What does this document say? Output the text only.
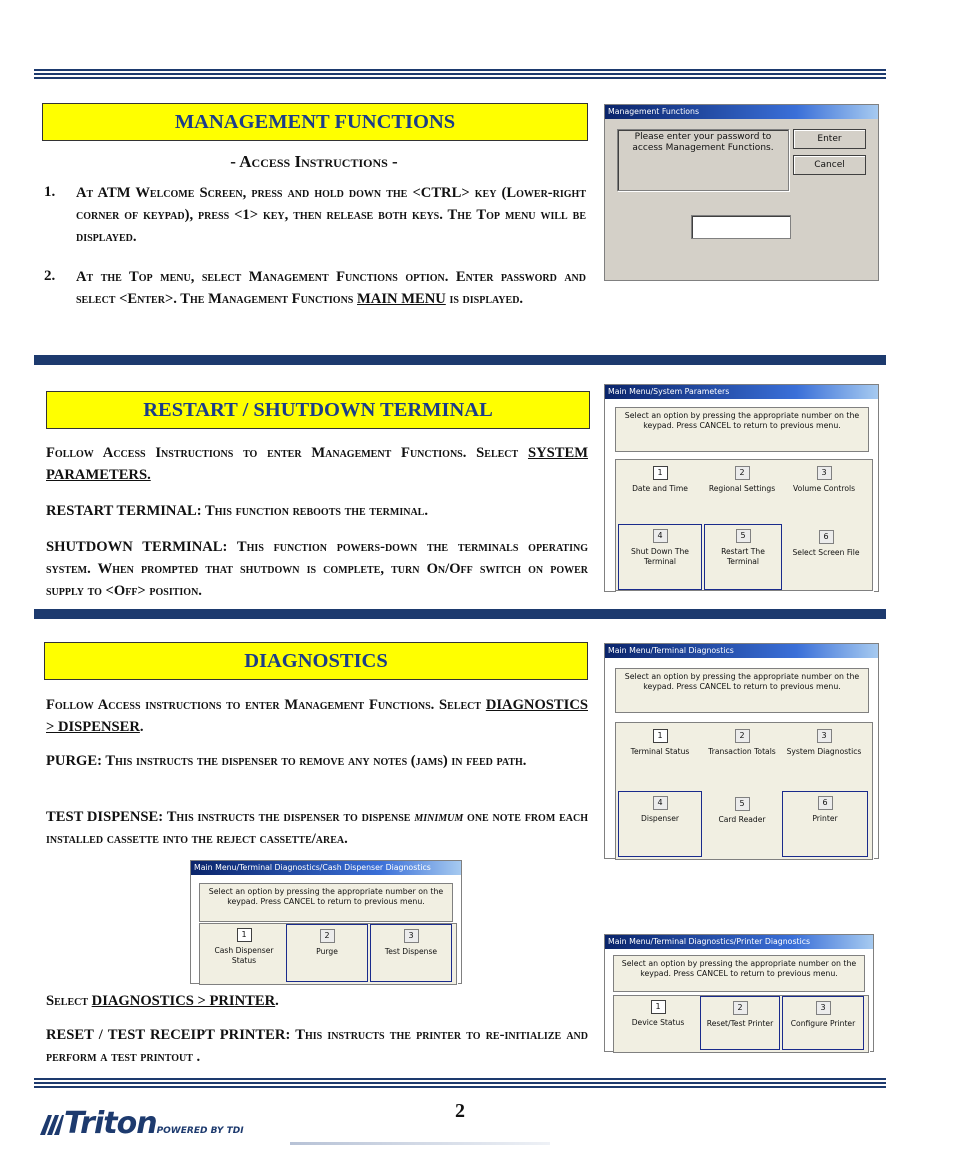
MANAGEMENT FUNCTIONS
- Access Instructions -
1. At ATM Welcome Screen, press and hold down the <CTRL> key (Lower-right corner of keypad), press <1> key, then release both keys. The Top menu will be displayed.
2. At the Top menu, select Management Functions option. Enter password and select <Enter>. The Management Functions MAIN MENU is displayed.
Management Functions
Please enter your password to access Management Functions.
Enter
Cancel
RESTART / SHUTDOWN TERMINAL
Follow Access Instructions to enter Management Functions. Select SYSTEM PARAMETERS.
RESTART TERMINAL: This function reboots the terminal.
SHUTDOWN TERMINAL: This function powers-down the terminals operating system. When prompted that shutdown is complete, turn On/Off switch on power supply to <Off> position.
Main Menu/System Parameters
Select an option by pressing the appropriate number on the keypad. Press CANCEL to return to previous menu.
1
Date and Time
2
Regional Settings
3
Volume Controls
4
Shut Down The Terminal
5
Restart The Terminal
6
Select Screen File
DIAGNOSTICS
Follow Access instructions to enter Management Functions. Select DIAGNOSTICS > DISPENSER.
PURGE: This instructs the dispenser to remove any notes (jams) in feed path.
TEST DISPENSE: This instructs the dispenser to dispense minimum one note from each installed cassette into the reject cassette/area.
Main Menu/Terminal Diagnostics
Select an option by pressing the appropriate number on the keypad. Press CANCEL to return to previous menu.
1
Terminal Status
2
Transaction Totals
3
System Diagnostics
4
Dispenser
5
Card Reader
6
Printer
Main Menu/Terminal Diagnostics/Cash Dispenser Diagnostics
Select an option by pressing the appropriate number on the keypad. Press CANCEL to return to previous menu.
1
Cash Dispenser Status
2
Purge
3
Test Dispense
Select DIAGNOSTICS > PRINTER.
RESET / TEST RECEIPT PRINTER: This instructs the printer to re-initialize and perform a test printout .
Main Menu/Terminal Diagnostics/Printer Diagnostics
Select an option by pressing the appropriate number on the keypad. Press CANCEL to return to previous menu.
1
Device Status
2
Reset/Test Printer
3
Configure Printer
TritonPOWERED BY TDI
2
